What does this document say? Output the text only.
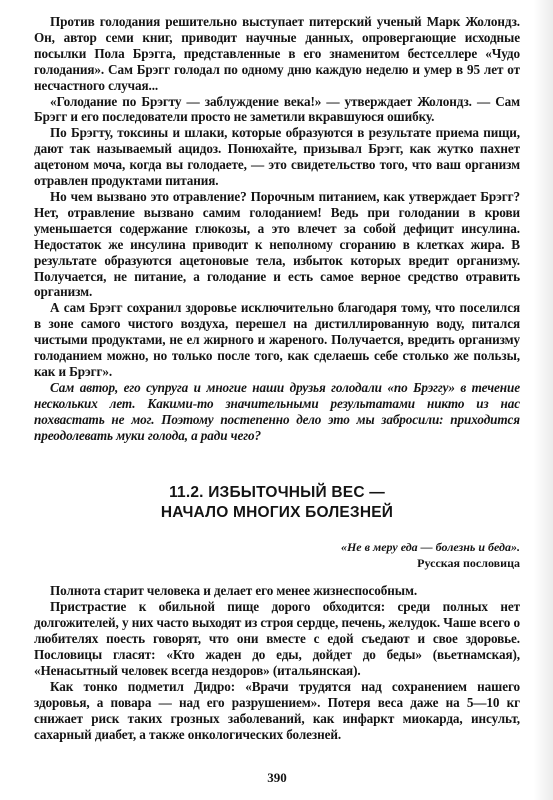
Против голодания решительно выступает питерский ученый Марк Жолондз. Он, автор семи книг, приводит научные данных, опровергающие исходные посылки Пола Брэгга, представленные в его знаменитом бестселлере «Чудо голодания». Сам Брэгг голодал по одному дню каждую неделю и умер в 95 лет от несчастного случая...

«Голодание по Брэгту — заблуждение века!» — утверждает Жолондз. — Сам Брэгг и его последователи просто не заметили вкравшуюся ошибку.

По Брэгту, токсины и шлаки, которые образуются в результате приема пищи, дают так называемый ацидоз. Понюхайте, призывал Брэгг, как жутко пахнет ацетоном моча, когда вы голодаете, — это свидетельство того, что ваш организм отравлен продуктами питания.

Но чем вызвано это отравление? Порочным питанием, как утверждает Брэгг? Нет, отравление вызвано самим голоданием! Ведь при голодании в крови уменьшается содержание глюкозы, а это влечет за собой дефицит инсулина. Недостаток же инсулина приводит к неполному сгоранию в клетках жира. В результате образуются ацетоновые тела, избыток которых вредит организму. Получается, не питание, а голодание и есть самое верное средство отравить организм.

А сам Брэгг сохранил здоровье исключительно благодаря тому, что поселился в зоне самого чистого воздуха, перешел на дистиллированную воду, питался чистыми продуктами, не ел жирного и жареного. Получается, вредить организму голоданием можно, но только после того, как сделаешь себе столько же пользы, как и Брэгг».

Сам автор, его супруга и многие наши друзья голодали «по Брэггу» в течение нескольких лет. Какими-то значительными результатами никто из нас похвастать не мог. Поэтому постепенно дело это мы забросили: приходится преодолевать муки голода, а ради чего?

11.2. ИЗБЫТОЧНЫЙ ВЕС —
НАЧАЛО МНОГИХ БОЛЕЗНЕЙ
«Не в меру еда — болезнь и беда».
Русская пословица

Полнота старит человека и делает его менее жизнеспособным.

Пристрастие к обильной пище дорого обходится: среди полных нет долгожителей, у них часто выходят из строя сердце, печень, желудок. Чаше всего о любителях поесть говорят, что они вместе с едой съедают и свое здоровье. Пословицы гласят: «Кто жаден до еды, дойдет до беды» (вьетнамская), «Ненасытный человек всегда нездоров» (итальянская).

Как тонко подметил Дидро: «Врачи трудятся над сохранением нашего здоровья, а повара — над его разрушением». Потеря веса даже на 5—10 кг снижает риск таких грозных заболеваний, как инфаркт миокарда, инсульт, сахарный диабет, а также онкологических болезней.

390
